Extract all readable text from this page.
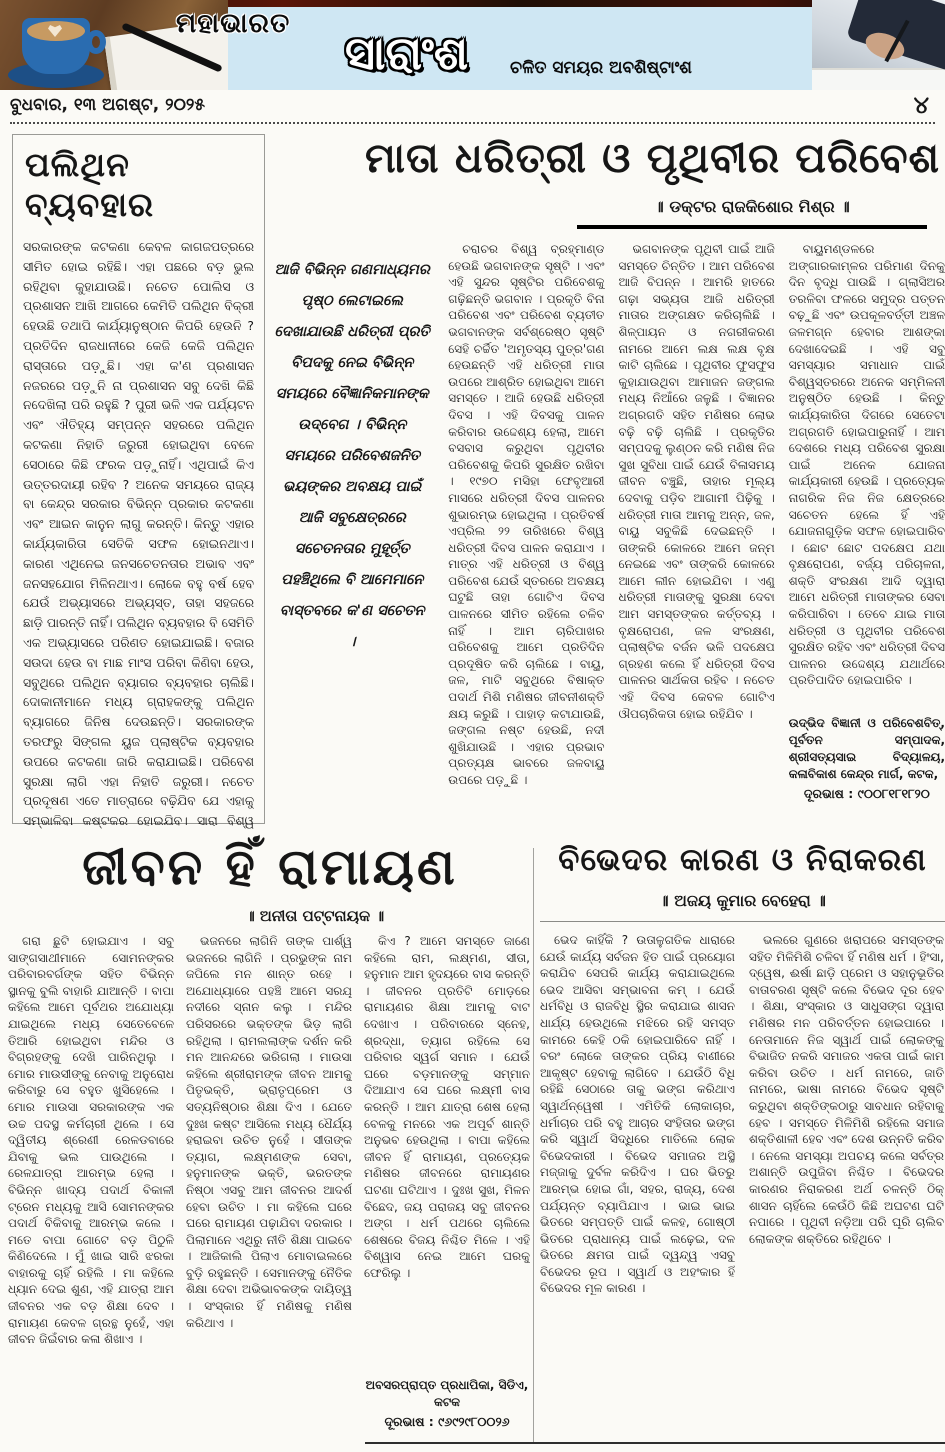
ମହାଭାରତ
ସାରାଂଶ ଚଳିତ ସମୟର ଅବଶିଷ୍ଟାଂଶ
ବୁଧବାର, ୧୩ ଅଗଷ୍ଟ, ୨୦୨୫	୪
ପଲିଥିନ ବ୍ୟବହାର
ସରକାରଙ୍କ କଟକଣା କେବଳ କାଗଜପତ୍ରରେ ସୀମିତ ହୋଇ ରହିଛି। ଏହା ପଛରେ ବଡ଼ ଭୁଲ ରହିଥିବା କୁହାଯାଉଛି। ନଚେତ ପୋଲିସ ଓ ପ୍ରଶାସନ ଆଖି ଆଗରେ କେମିତି ପଲିଥିନ ବିକ୍ରୀ ହେଉଛି ତଥାପି କାର୍ଯ୍ୟାନୁଷ୍ଠାନ କିପରି ହେଉନି ? ପ୍ରତିଦିନ ରାଜଧାନୀରେ କେଜି କେଜି ପଲିଥିନ ରାସ୍ତାରେ ପଡ଼ୁଛି। ଏହା କ'ଣ ପ୍ରଶାସନ ନଜରରେ ପଡ଼ୁନି ନା ପ୍ରଶାସନ ସବୁ ଦେଖି କିଛି ନଦେଖିଲା ପରି ରହୁଛି ? ପୁରୀ ଭଳି ଏକ ପର୍ଯ୍ୟଟନ ଏବଂ ଐତିହ୍ୟ ସମ୍ପନ୍ନ ସହରରେ ପଲିଥିନ କଟକଣା ନିହାତି ଜରୁରୀ ହୋଇଥିବା ବେଳେ ସେଠାରେ କିଛି ଫରକ ପଡ଼ୁନାହିଁ। ଏଥିପାଇଁ କିଏ ଉତ୍ତରଦାୟୀ ରହିବ ? ଅନେକ ସମୟରେ ରାଜ୍ୟ ବା କେନ୍ଦ୍ର ସରକାର ବିଭିନ୍ନ ପ୍ରକାର କଟକଣା ଏବଂ ଆଇନ କାନୁନ ଲାଗୁ କରନ୍ତି। କିନ୍ତୁ ଏହାର କାର୍ଯ୍ୟକାରିତା ସେତିକି ସଫଳ ହୋଇନଥାଏ। କାରଣ ଏଥିନେଇ ଜନସଚେତନତାର ଅଭାବ ଏବଂ ଜନସହଯୋଗ ମିଳିନଥାଏ। ଲୋକେ ବହୁ ବର୍ଷ ହେବ ଯେଉଁ ଅଭ୍ୟାସରେ ଅଭ୍ୟସ୍ତ, ତାହା ସହଜରେ ଛାଡ଼ି ପାରନ୍ତି ନାହିଁ। ପଲିଥିନ ବ୍ୟବହାର ବି ସେମିତି ଏକ ଅଭ୍ୟାସରେ ପରିଣତ ହୋଇଯାଇଛି। ବଜାର ସଉଦା ହେଉ ବା ମାଛ ମାଂସ ପରିବା କିଣିବା ହେଉ, ସବୁଥିରେ ପଲିଥିନ ବ୍ୟାଗର ବ୍ୟବହାର ଚାଲିଛି। ଦୋକାନୀମାନେ ମଧ୍ୟ ଗ୍ରାହକଙ୍କୁ ପଲିଥିନ ବ୍ୟାଗରେ ଜିନିଷ ଦେଉଛନ୍ତି। ସରକାରଙ୍କ ତରଫରୁ ସିଙ୍ଗଲ ୟୁଜ ପ୍ଲାଷ୍ଟିକ ବ୍ୟବହାର ଉପରେ କଟକଣା ଜାରି କରାଯାଇଛି। ପରିବେଶ ସୁରକ୍ଷା ଲାଗି ଏହା ନିହାତି ଜରୁରୀ। ନଚେତ ପ୍ରଦୂଷଣ ଏତେ ମାତ୍ରାରେ ବଢ଼ିଯିବ ଯେ ଏହାକୁ ସମ୍ଭାଳିବା କଷ୍ଟକର ହୋଇଯିବ। ସାରା ବିଶ୍ୱ
ମାତା ଧରିତ୍ରୀ ଓ ପୃଥିବୀର ପରିବେଶ
॥ ଡକ୍ଟର ରାଜକିଶୋର ମିଶ୍ର ॥
ଆଜି ବିଭିନ୍ନ ଗଣମାଧ୍ୟମର ପୃଷ୍ଠ ଲେଟାଇଲେ ଦେଖାଯାଉଛି ଧରିତ୍ରୀ ପ୍ରତି ବିପଦକୁ ନେଇ ବିଭିନ୍ନ ସମୟରେ ବୈଜ୍ଞାନିକମାନଙ୍କ ଉଦ୍‌ବେଗ । ବିଭିନ୍ନ ସମୟରେ ପରିବେଶଜନିତ ଭୟଙ୍କର ଅବକ୍ଷୟ ପାଇଁ ଆଜି ସବୁକ୍ଷେତ୍ରରେ ସଚେତନତାର ମୁହୂର୍ତ୍ତ ପହଞ୍ଚିଥିଲେ ବି ଆମେମାନେ ବାସ୍ତବରେ କ'ଣ ସଚେତନ ।
ଚରାଚର ବିଶ୍ୱ ବ୍ରହ୍ମାଣ୍ଡ ହେଉଛି ଭଗବାନଙ୍କ ସୃଷ୍ଟି । ଏବଂ ଏହି ସୁନ୍ଦର ସୃଷ୍ଟିର ପରିବେଶକୁ ଗଢ଼ିଛନ୍ତି ଭଗବାନ । ପ୍ରକୃତି ବିନା ପରିବେଶ ଏବଂ ପରିବେଶ ବ୍ୟତୀତ ଭଗବାନଙ୍କ ସର୍ବଶ୍ରେଷ୍ଠ ସୃଷ୍ଟି ସେହି ଚର୍ଚ୍ଚିତ 'ଅମୃତସ୍ୟ ପୁତ୍ର'ଗଣ ହେଉଛନ୍ତି ଏହି ଧରିତ୍ରୀ ମାତା ଉପରେ ଆଶ୍ରିତ ହୋଇଥିବା ଆମେ ସମସ୍ତେ । ଆଜି ହେଉଛି ଧରିତ୍ରୀ ଦିବସ । ଏହି ଦିବସକୁ ପାଳନ କରିବାର ଉଦ୍ଦେଶ୍ୟ ହେଲା, ଆମେ ବସବାସ କରୁଥିବା ପୃଥିବୀର ପରିବେଶକୁ କିପରି ସୁରକ୍ଷିତ ରଖିବା । ୧୯୭୦ ମସିହା ଫେବୃଆରୀ ମାସରେ ଧରିତ୍ରୀ ଦିବସ ପାଳନର ଶୁଭାରମ୍ଭ ହୋଇଥିଲା । ପ୍ରତିବର୍ଷ ଏପ୍ରିଲ ୨୨ ତାରିଖରେ ବିଶ୍ୱ ଧରିତ୍ରୀ ଦିବସ ପାଳନ କରାଯାଏ । ମାତ୍ର ଏହି ଧରିତ୍ରୀ ଓ ବିଶ୍ୱ ପରିବେଶ ଯେଉଁ ସ୍ତରରେ ଅବକ୍ଷୟ ଘଟୁଛି ତାହା ଗୋଟିଏ ଦିବସ ପାଳନରେ ସୀମିତ ରହିଲେ ଚଳିବ ନାହିଁ । ଆମ ଚାରିପାଖର ପରିବେଶକୁ ଆମେ ପ୍ରତିଦିନ ପ୍ରଦୂଷିତ କରି ଚାଲିଛେ । ବାୟୁ, ଜଳ, ମାଟି ସବୁଥିରେ ବିଷାକ୍ତ ପଦାର୍ଥ ମିଶି ମଣିଷର ଜୀବନୀଶକ୍ତି କ୍ଷୟ କରୁଛି । ପାହାଡ଼ କଟାଯାଉଛି, ଜଙ୍ଗଲ ନଷ୍ଟ ହେଉଛି, ନଦୀ ଶୁଖିଯାଉଛି । ଏହାର ପ୍ରଭାବ ପ୍ରତ୍ୟକ୍ଷ ଭାବରେ ଜଳବାୟୁ ଉପରେ ପଡ଼ୁଛି ।
ଭଗବାନଙ୍କ ପୃଥିବୀ ପାଇଁ ଆଜି ସମସ୍ତେ ଚିନ୍ତିତ । ଆମ ପରିବେଶ ଆଜି ବିପନ୍ନ । ଆମରି ହାତରେ ଗଢ଼ା ସଭ୍ୟତା ଆଜି ଧରିତ୍ରୀ ମାତାର ଅଙ୍ଗକ୍ଷତ କରିଚାଲିଛି । ଶିଳ୍ପାୟନ ଓ ନଗରୀକରଣ ନାମରେ ଆମେ ଲକ୍ଷ ଲକ୍ଷ ବୃକ୍ଷ କାଟି ଚାଲିଛେ । ପୃଥିବୀର ଫୁସଫୁସ କୁହାଯାଉଥିବା ଆମାଜନ ଜଙ୍ଗଲ ମଧ୍ୟ ନିଆଁରେ ଜଳୁଛି । ବିଜ୍ଞାନର ଅଗ୍ରଗତି ସହିତ ମଣିଷର ଲୋଭ ବଢ଼ି ବଢ଼ି ଚାଲିଛି । ପ୍ରକୃତିର ସମ୍ପଦକୁ ଲୁଣ୍ଠନ କରି ମଣିଷ ନିଜ ସୁଖ ସୁବିଧା ପାଇଁ ଯେଉଁ ବିଳାସମୟ ଜୀବନ ବଞ୍ଚୁଛି, ତାହାର ମୂଲ୍ୟ ଦେବାକୁ ପଡ଼ିବ ଆଗାମୀ ପିଢ଼ିକୁ । ଧରିତ୍ରୀ ମାତା ଆମକୁ ଅନ୍ନ, ଜଳ, ବାୟୁ ସବୁକିଛି ଦେଇଛନ୍ତି । ତାଙ୍କରି କୋଳରେ ଆମେ ଜନ୍ମ ନେଇଛେ ଏବଂ ତାଙ୍କରି କୋଳରେ ଆମେ ଲୀନ ହୋଇଯିବା । ଏଣୁ ଧରିତ୍ରୀ ମାତାଙ୍କୁ ସୁରକ୍ଷା ଦେବା ଆମ ସମସ୍ତଙ୍କର କର୍ତ୍ତବ୍ୟ । ବୃକ୍ଷରୋପଣ, ଜଳ ସଂରକ୍ଷଣ, ପ୍ଲାଷ୍ଟିକ ବର୍ଜନ ଭଳି ପଦକ୍ଷେପ ଗ୍ରହଣ କଲେ ହିଁ ଧରିତ୍ରୀ ଦିବସ ପାଳନର ସାର୍ଥକତା ରହିବ । ନଚେତ ଏହି ଦିବସ କେବଳ ଗୋଟିଏ ଔପଚାରିକତା ହୋଇ ରହିଯିବ ।
ବାୟୁମଣ୍ଡଳରେ ଅଙ୍ଗାରକାମ୍ଳର ପରିମାଣ ଦିନକୁ ଦିନ ବୃଦ୍ଧି ପାଉଛି । ଗ୍ଲାସିଅର ତରଳିବା ଫଳରେ ସମୁଦ୍ର ପତ୍ତନ ବଢ଼ୁଛି ଏବଂ ଉପକୂଳବର୍ତ୍ତୀ ଅଞ୍ଚଳ ଜଳମଗ୍ନ ହେବାର ଆଶଙ୍କା ଦେଖାଦେଇଛି । ଏହି ସବୁ ସମସ୍ୟାର ସମାଧାନ ପାଇଁ ବିଶ୍ୱସ୍ତରରେ ଅନେକ ସମ୍ମିଳନୀ ଅନୁଷ୍ଠିତ ହେଉଛି । କିନ୍ତୁ କାର୍ଯ୍ୟକାରିତା ଦିଗରେ ସେତେଟା ଅଗ୍ରଗତି ହୋଇପାରୁନାହିଁ । ଆମ ଦେଶରେ ମଧ୍ୟ ପରିବେଶ ସୁରକ୍ଷା ପାଇଁ ଅନେକ ଯୋଜନା କାର୍ଯ୍ୟକାରୀ ହେଉଛି । ପ୍ରତ୍ୟେକ ନାଗରିକ ନିଜ ନିଜ କ୍ଷେତ୍ରରେ ସଚେତନ ହେଲେ ହିଁ ଏହି ଯୋଜନାଗୁଡ଼ିକ ସଫଳ ହୋଇପାରିବ । ଛୋଟ ଛୋଟ ପଦକ୍ଷେପ ଯଥା ବୃକ୍ଷରୋପଣ, ବର୍ଜ୍ୟ ପରିଚାଳନା, ଶକ୍ତି ସଂରକ୍ଷଣ ଆଦି ଦ୍ୱାରା ଆମେ ଧରିତ୍ରୀ ମାତାଙ୍କର ସେବା କରିପାରିବା । ତେବେ ଯାଇ ମାତା ଧରିତ୍ରୀ ଓ ପୃଥିବୀର ପରିବେଶ ସୁରକ୍ଷିତ ରହିବ ଏବଂ ଧରିତ୍ରୀ ଦିବସ ପାଳନର ଉଦ୍ଦେଶ୍ୟ ଯଥାର୍ଥରେ ପ୍ରତିପାଦିତ ହୋଇପାରିବ ।
ଉଦ୍ଭିଦ ବିଜ୍ଞାନୀ ଓ ପରିବେଶବିତ୍, ପୂର୍ବତନ ସମ୍ପାଦକ, ଶ୍ରୀସତ୍ୟସାଇ ବିଦ୍ୟାଳୟ, କଳାବିକାଶ କେନ୍ଦ୍ର ମାର୍ଗ, କଟକ,
ଦୂରଭାଷ : ୯୦୦୮୧୮୧୮୨୦
ଜୀବନ ହିଁ ରାମାୟଣ
॥ ଅନୀତା ପଟ୍ଟନାୟକ ॥
ଗରା ଛୁଟି ହୋଇଯାଏ । ସବୁ ସାଙ୍ଗସାଥୀମାନେ ସୋମନଙ୍କର ପରିବାରବର୍ଗଙ୍କ ସହିତ ବିଭିନ୍ନ ସ୍ଥାନକୁ ବୁଲି ବାହାରି ଯାଆନ୍ତି । ବାପା କହିଲେ ଆମେ ପୂର୍ବଥର ଅଯୋଧ୍ୟା ଯାଇଥିଲେ ମଧ୍ୟ ସେତେବେଳେ ତିଆରି ହୋଇଥିବା ମନ୍ଦିର ଓ ବିଗ୍ରହଙ୍କୁ ଦେଖି ପାରିନଥିଲୁ । ମୋର ମାଉସୀଙ୍କୁ ନେବାକୁ ଅନୁରୋଧ କରିବାରୁ ସେ ବହୁତ ଖୁସିହେଲେ । ମୋର ମାଉସା ସରକାରଙ୍କ ଏକ ଉଚ୍ଚ ପଦସ୍ଥ କର୍ମଚାରୀ ଥିଲେ । ସେ ଦ୍ୱିତୀୟ ଶ୍ରେଣୀ ରେଳଡବାରେ ଯିବାକୁ ଭଲ ପାଉଥିଲେ । ରେଳଯାତ୍ରା ଆରମ୍ଭ ହେଲା । ବିଭିନ୍ନ ଖାଦ୍ୟ ପଦାର୍ଥ ବିକାଳୀ ଟ୍ରେନ ମଧ୍ୟକୁ ଆସି ସୋମନଙ୍କର ପଦାର୍ଥ ବିକିବାକୁ ଆରମ୍ଭ କଲେ । ମତେ ବାପା ଗୋଟେ ବଡ଼ ପିଠୁଳି କିଣିଦେଲେ । ମୁଁ ଖାଇ ସାରି ଝରକା ବାହାରକୁ ଚାହିଁ ରହିଲି । ମା କହିଲେ ଧ୍ୟାନ ଦେଇ ଶୁଣ, ଏହି ଯାତ୍ରା ଆମ ଜୀବନର ଏକ ବଡ଼ ଶିକ୍ଷା ଦେବ । ରାମାୟଣ କେବଳ ଗ୍ରନ୍ଥ ନୁହେଁ, ଏହା ଜୀବନ ଜିଇଁବାର କଳା ଶିଖାଏ ।
ଭଜନରେ ଲାଗିନି ତାଙ୍କ ପାର୍ଶ୍ୱ ଭଜନରେ ଲାଗିନି । ପ୍ରଭୁଙ୍କ ନାମ ଜପିଲେ ମନ ଶାନ୍ତ ରହେ । ଅଯୋଧ୍ୟାରେ ପହଞ୍ଚି ଆମେ ସରଯୂ ନଦୀରେ ସ୍ନାନ କଲୁ । ମନ୍ଦିର ପରିସରରେ ଭକ୍ତଙ୍କ ଭିଡ଼ ଲାଗି ରହିଥିଲା । ରାମଲଲାଙ୍କ ଦର୍ଶନ କରି ମନ ଆନନ୍ଦରେ ଭରିଗଲା । ମାଉସା କହିଲେ ଶ୍ରୀରାମଙ୍କ ଜୀବନ ଆମକୁ ପିତୃଭକ୍ତି, ଭ୍ରାତୃପ୍ରେମ ଓ ସତ୍ୟନିଷ୍ଠାର ଶିକ୍ଷା ଦିଏ । ଯେତେ ଦୁଃଖ କଷ୍ଟ ଆସିଲେ ମଧ୍ୟ ଧୈର୍ଯ୍ୟ ହରାଇବା ଉଚିତ ନୁହେଁ । ସୀତାଙ୍କ ତ୍ୟାଗ, ଲକ୍ଷ୍ମଣଙ୍କ ସେବା, ହନୁମାନଙ୍କ ଭକ୍ତି, ଭରତଙ୍କ ନିଷ୍ଠା ଏସବୁ ଆମ ଜୀବନର ଆଦର୍ଶ ହେବା ଉଚିତ । ମା କହିଲେ ଘରେ ଘରେ ରାମାୟଣ ପଢ଼ାଯିବା ଦରକାର । ପିଲାମାନେ ଏଥିରୁ ନୀତି ଶିକ୍ଷା ପାଇବେ । ଆଜିକାଲି ପିଲାଏ ମୋବାଇଲରେ ବୁଡ଼ି ରହୁଛନ୍ତି । ସେମାନଙ୍କୁ ନୈତିକ ଶିକ୍ଷା ଦେବା ଅଭିଭାବକଙ୍କ ଦାୟିତ୍ୱ । ସଂସ୍କାର ହିଁ ମଣିଷକୁ ମଣିଷ କରିଥାଏ ।
କିଏ ? ଆମେ ସମସ୍ତେ ଜାଣେ କହିଲେ ରାମ, ଲକ୍ଷ୍ମଣ, ସୀତା, ହନୁମାନ ଆମ ହୃଦୟରେ ବାସ କରନ୍ତି । ଜୀବନର ପ୍ରତିଟି ମୋଡ଼ରେ ରାମାୟଣର ଶିକ୍ଷା ଆମକୁ ବାଟ ଦେଖାଏ । ପରିବାରରେ ସ୍ନେହ, ଶ୍ରଦ୍ଧା, ତ୍ୟାଗ ରହିଲେ ସେ ପରିବାର ସ୍ୱର୍ଗ ସମାନ । ଯେଉଁ ଘରେ ବଡ଼ମାନଙ୍କୁ ସମ୍ମାନ ଦିଆଯାଏ ସେ ଘରେ ଲକ୍ଷ୍ମୀ ବାସ କରନ୍ତି । ଆମ ଯାତ୍ରା ଶେଷ ହେଲା ବେଳକୁ ମନରେ ଏକ ଅପୂର୍ବ ଶାନ୍ତି ଅନୁଭବ ହେଉଥିଲା । ବାପା କହିଲେ ଜୀବନ ହିଁ ରାମାୟଣ, ପ୍ରତ୍ୟେକ ମଣିଷର ଜୀବନରେ ରାମାୟଣର ଘଟଣା ଘଟିଥାଏ । ଦୁଃଖ ସୁଖ, ମିଳନ ବିଛେଦ, ଜୟ ପରାଜୟ ସବୁ ଜୀବନର ଅଙ୍ଗ । ଧର୍ମ ପଥରେ ଚାଲିଲେ ଶେଷରେ ବିଜୟ ନିଶ୍ଚିତ ମିଳେ । ଏହି ବିଶ୍ୱାସ ନେଇ ଆମେ ଘରକୁ ଫେରିଲୁ ।
ଅବସରପ୍ରାପ୍ତ ପ୍ରଧାପିକା, ସିଡିଏ, କଟକ
ଦୂରଭାଷ : ୯୬୯୨୯୮୦୦୨୬
ବିଭେଦର କାରଣ ଓ ନିରାକରଣ
॥ ଅଜୟ କୁମାର ବେହେରା ॥
ଭେଦ କାହିଁକି ? ଉତାଳୁଗତିକ ଧାରାରେ ଯେଉଁ କାର୍ଯ୍ୟ ସର୍ବଜନ ହିତ ପାଇଁ ପ୍ରୟୋଗ କରାଯିବ ସେପରି କାର୍ଯ୍ୟ କରାଯାଇଥିଲେ ଭେଦ ଆସିବା ସମ୍ଭାବନା କମ୍ । ଯେଉଁ ଧର୍ମବିଧି ଓ ରାଜବିଧି ସ୍ଥିର କରାଯାଇ ଶାସନ ଧାର୍ଯ୍ୟ ହେଉଥିଲେ ମଝିରେ ରହି ସମସ୍ତ କାମରେ କେହି ଠକି ହୋଇପାରିବେ ନାହିଁ । ବରଂ ଲୋକେ ତାଙ୍କର ପ୍ରିୟ ବାଣୀରେ ଆକୃଷ୍ଟ ହେବାକୁ ଲାଗିବେ । ଯେଉଁଠି ବିଧି ରହିଛି ସେଠାରେ ତାକୁ ଭଙ୍ଗ କରିଥାଏ ସ୍ୱାର୍ଥନ୍ୱେଷୀ । ଏମିତିକି ଲୋକାଚାର, ଧର୍ମାଚାର ପରି ବହୁ ଆଚାର ସଂହିତାର ଭଙ୍ଗ କରି ସ୍ୱାର୍ଥ ସିଦ୍ଧିରେ ମାତିଲେ ଲୋକ ବିଭେଦକାରୀ । ବିଭେଦ ସମାଜର ଅସ୍ଥି ମଜ୍ଜାକୁ ଦୁର୍ବଳ କରିଦିଏ । ଘର ଭିତରୁ ଆରମ୍ଭ ହୋଇ ଗାଁ, ସହର, ରାଜ୍ୟ, ଦେଶ ପର୍ଯ୍ୟନ୍ତ ବ୍ୟାପିଯାଏ । ଭାଇ ଭାଇ ଭିତରେ ସମ୍ପତ୍ତି ପାଇଁ କଳହ, ଗୋଷ୍ଠୀ ଭିତରେ ପ୍ରାଧାନ୍ୟ ପାଇଁ ଲଢ଼େଇ, ଦଳ ଭିତରେ କ୍ଷମତା ପାଇଁ ଦ୍ୱନ୍ଦ୍ୱ ଏସବୁ ବିଭେଦର ରୂପ । ସ୍ୱାର୍ଥ ଓ ଅହଂକାର ହିଁ ବିଭେଦର ମୂଳ କାରଣ ।
ଭଲରେ ଗୁଣରେ ଖରାପରେ ସମସ୍ତଙ୍କ ସହିତ ମିଳିମିଶି ଚଳିବା ହିଁ ମଣିଷ ଧର୍ମ । ହିଂସା, ଦ୍ୱେଷ, ଈର୍ଷା ଛାଡ଼ି ପ୍ରେମ ଓ ସହାନୁଭୂତିର ବାତାବରଣ ସୃଷ୍ଟି କଲେ ବିଭେଦ ଦୂର ହେବ । ଶିକ୍ଷା, ସଂସ୍କାର ଓ ସାଧୁସଙ୍ଗ ଦ୍ୱାରା ମଣିଷର ମନ ପରିବର୍ତ୍ତନ ହୋଇପାରେ । ନେତାମାନେ ନିଜ ସ୍ୱାର୍ଥ ପାଇଁ ଲୋକଙ୍କୁ ବିଭାଜିତ ନକରି ସମାଜର ଏକତା ପାଇଁ କାମ କରିବା ଉଚିତ । ଧର୍ମ ନାମରେ, ଜାତି ନାମରେ, ଭାଷା ନାମରେ ବିଭେଦ ସୃଷ୍ଟି କରୁଥିବା ଶକ୍ତିଙ୍କଠାରୁ ସାବଧାନ ରହିବାକୁ ହେବ । ସମସ୍ତେ ମିଳିମିଶି ରହିଲେ ସମାଜ ଶକ୍ତିଶାଳୀ ହେବ ଏବଂ ଦେଶ ଉନ୍ନତି କରିବ । ନେଲେ ସମସ୍ୟା ଅପଚୟ କଲେ ସର୍ବତ୍ର ଅଶାନ୍ତି ଉପୁଜିବା ନିଶ୍ଚିତ । ବିଭେଦର କାରଣର ନିରାକରଣ ଅର୍ଥ ଚଳନ୍ତି ଠିକ୍ ଶାସନ ଚାହିଁଲେ କେଉଁଠି କିଛି ଅଘଟଣ ଘଟି ନପାରେ । ପୃଥିବୀ ନଡ଼ିଆ ପରି ଘୂରି ଚାଲିବ ଲୋକଙ୍କ ଶକ୍ତିରେ ରହିଥିବେ ।
